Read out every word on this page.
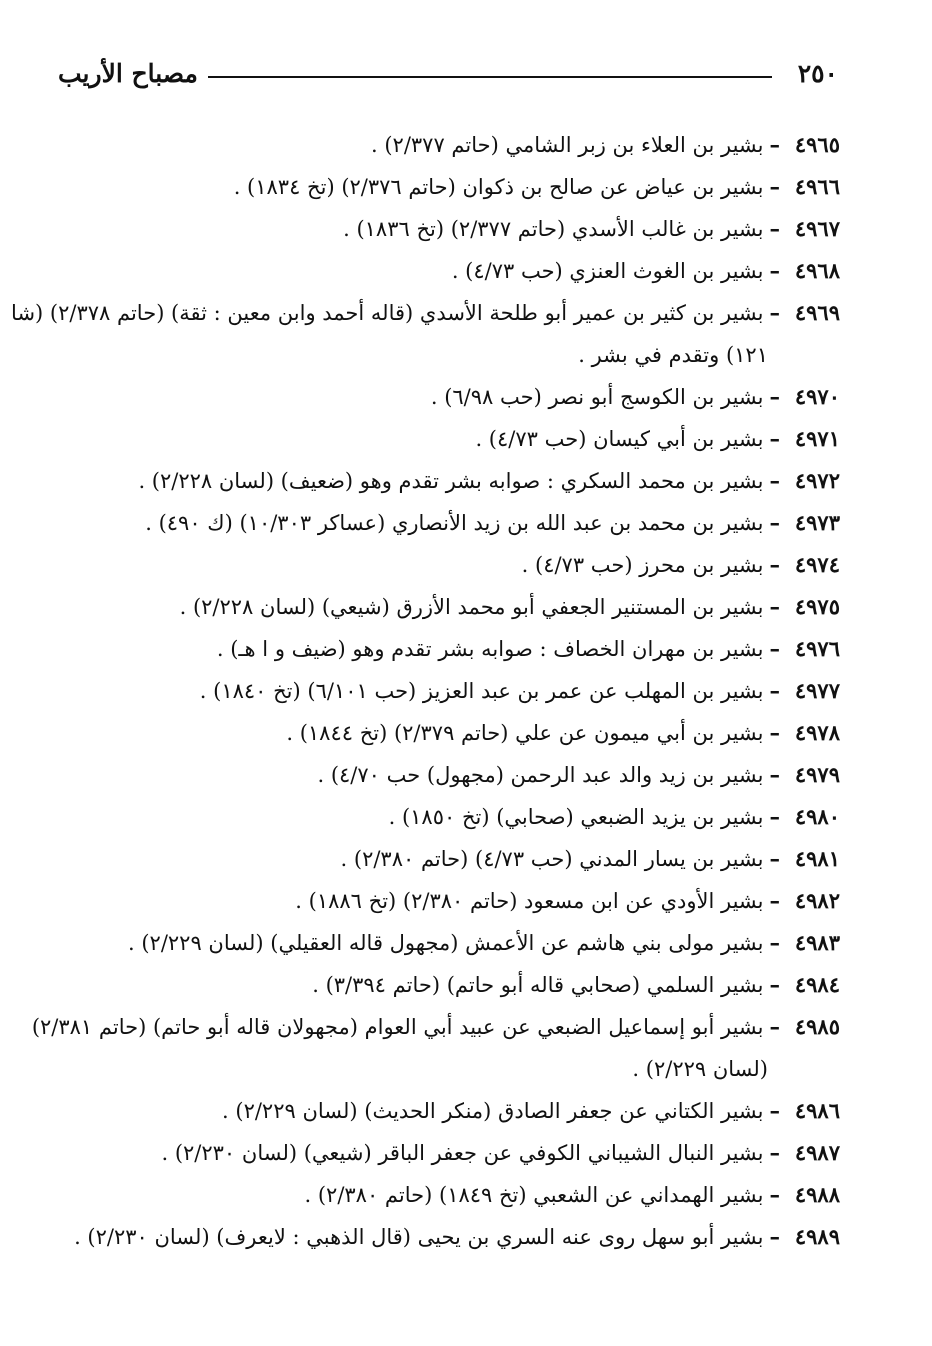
٢٥٠
مصباح الأريب
٤٩٦٥–بشير بن العلاء بن زبر الشامي (حاتم ٢/٣٧٧) .
٤٩٦٦–بشير بن عياض عن صالح بن ذكوان (حاتم ٢/٣٧٦) (تخ ١٨٣٤) .
٤٩٦٧–بشير بن غالب الأسدي (حاتم ٢/٣٧٧) (تخ ١٨٣٦) .
٤٩٦٨–بشير بن الغوث العنزي (حب ٤/٧٣) .
٤٩٦٩–بشير بن كثير بن عمير أبو طلحة الأسدي (قاله أحمد وابن معين : ثقة) (حاتم ٢/٣٧٨) (شا
١٢١) وتقدم في بشر .
٤٩٧٠–بشير بن الكوسج أبو نصر (حب ٦/٩٨) .
٤٩٧١–بشير بن أبي كيسان (حب ٤/٧٣) .
٤٩٧٢–بشير بن محمد السكري : صوابه بشر تقدم وهو (ضعيف) (لسان ٢/٢٢٨) .
٤٩٧٣–بشير بن محمد بن عبد الله بن زيد الأنصاري (عساكر ١٠/٣٠٣) (ك ٤٩٠) .
٤٩٧٤–بشير بن محرز (حب ٤/٧٣) .
٤٩٧٥–بشير بن المستنير الجعفي أبو محمد الأزرق (شيعي) (لسان ٢/٢٢٨) .
٤٩٧٦–بشير بن مهران الخصاف : صوابه بشر تقدم وهو (ضيف و ا هـ) .
٤٩٧٧–بشير بن المهلب عن عمر بن عبد العزيز (حب ٦/١٠١) (تخ ١٨٤٠) .
٤٩٧٨–بشير بن أبي ميمون عن علي (حاتم ٢/٣٧٩) (تخ ١٨٤٤) .
٤٩٧٩–بشير بن زيد والد عبد الرحمن (مجهول) حب ٤/٧٠) .
٤٩٨٠–بشير بن يزيد الضبعي (صحابي) (تخ ١٨٥٠) .
٤٩٨١–بشير بن يسار المدني (حب ٤/٧٣) (حاتم ٢/٣٨٠) .
٤٩٨٢–بشير الأودي عن ابن مسعود (حاتم ٢/٣٨٠) (تخ ١٨٨٦) .
٤٩٨٣–بشير مولى بني هاشم عن الأعمش (مجهول قاله العقيلي) (لسان ٢/٢٢٩) .
٤٩٨٤–بشير السلمي (صحابي قاله أبو حاتم) (حاتم ٣/٣٩٤) .
٤٩٨٥–بشير أبو إسماعيل الضبعي عن عبيد أبي العوام (مجهولان قاله أبو حاتم) (حاتم ٢/٣٨١)
(لسان ٢/٢٢٩) .
٤٩٨٦–بشير الكتاني عن جعفر الصادق (منكر الحديث) (لسان ٢/٢٢٩) .
٤٩٨٧–بشير النبال الشيباني الكوفي عن جعفر الباقر (شيعي) (لسان ٢/٢٣٠) .
٤٩٨٨–بشير الهمداني عن الشعبي (تخ ١٨٤٩) (حاتم ٢/٣٨٠) .
٤٩٨٩–بشير أبو سهل روى عنه السري بن يحيى (قال الذهبي : لايعرف) (لسان ٢/٢٣٠) .
